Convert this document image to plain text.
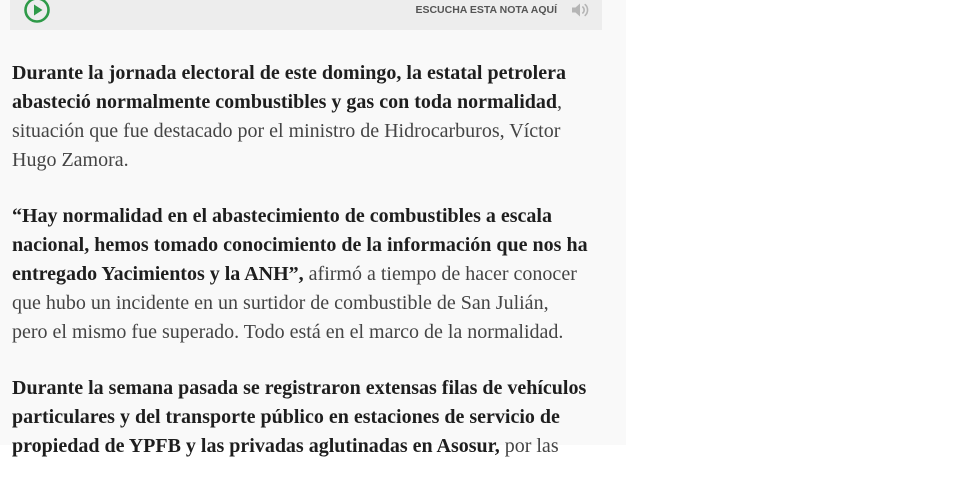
ESCUCHA ESTA NOTA AQUÍ

Durante la jornada electoral de este domingo, la estatal petrolera
abasteció normalmente combustibles y gas con toda normalidad,
situación que fue destacado por el ministro de Hidrocarburos, Víctor
Hugo Zamora.

“Hay normalidad en el abastecimiento de combustibles a escala
nacional, hemos tomado conocimiento de la información que nos ha
entregado Yacimientos y la ANH”, afirmó a tiempo de hacer conocer
que hubo un incidente en un surtidor de combustible de San Julián,
pero el mismo fue superado. Todo está en el marco de la normalidad.

Durante la semana pasada se registraron extensas filas de vehículos
particulares y del transporte público en estaciones de servicio de
propiedad de YPFB y las privadas aglutinadas en Asosur, por las
